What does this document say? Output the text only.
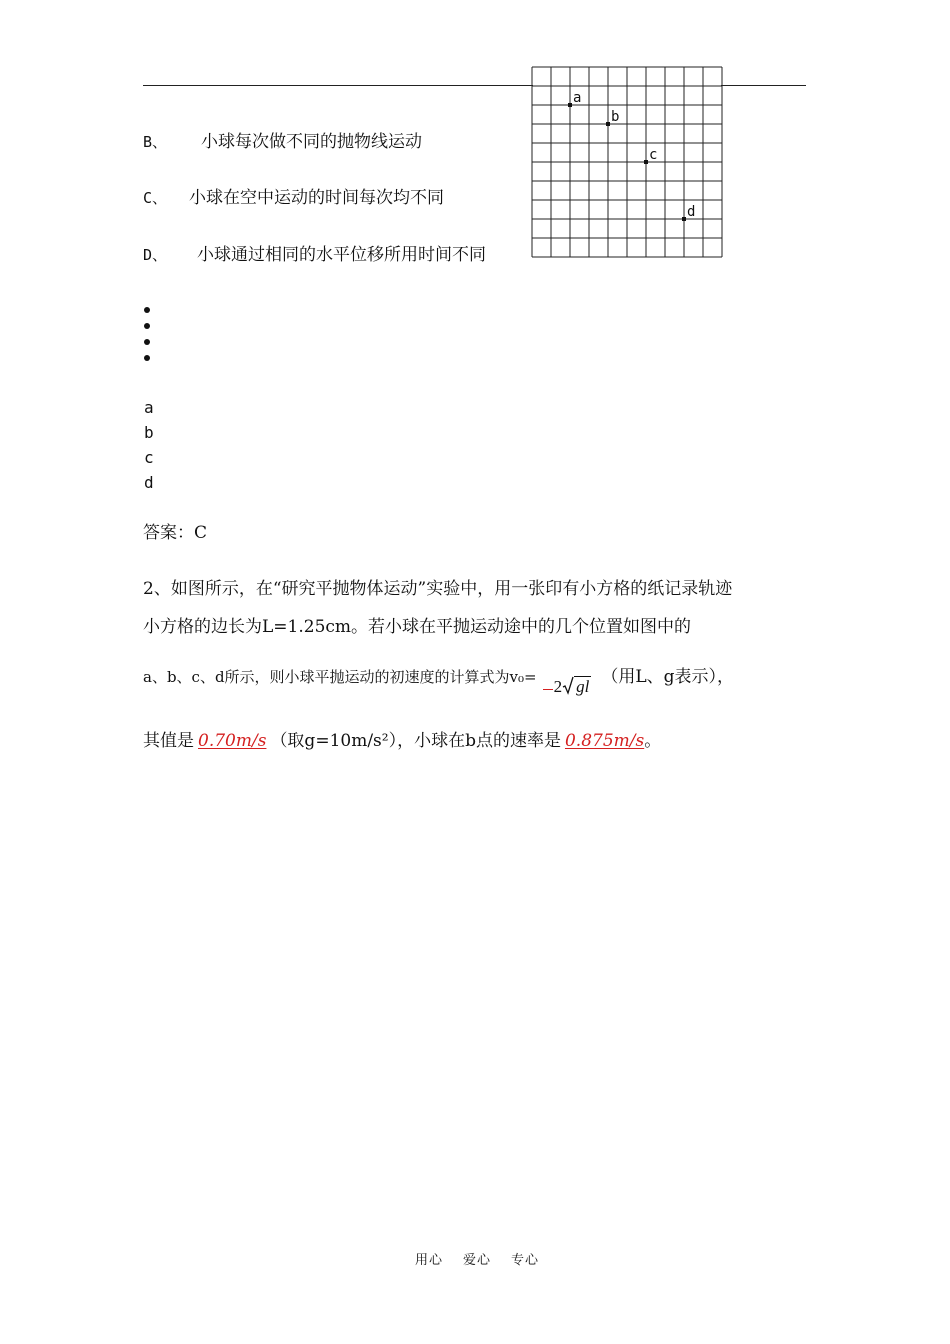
a
b
c
d
B、 小球每次做不同的抛物线运动
C、 小球在空中运动的时间每次均不同
D、 小球通过相同的水平位移所用时间不同
a
b
c
d
答案：C
2、如图所示，在“研究平抛物体运动”实验中，用一张印有小方格的纸记录轨迹
小方格的边长为L=1.25cm。若小球在平抛运动途中的几个位置如图中的
a、b、c、d所示，则小球平抛运动的初速度的计算式为v₀= 2 gl （用L、g表示），
其值是 0.70m/s （取g=10m/s²），小球在b点的速率是 0.875m/s。
用心 爱心 专心
